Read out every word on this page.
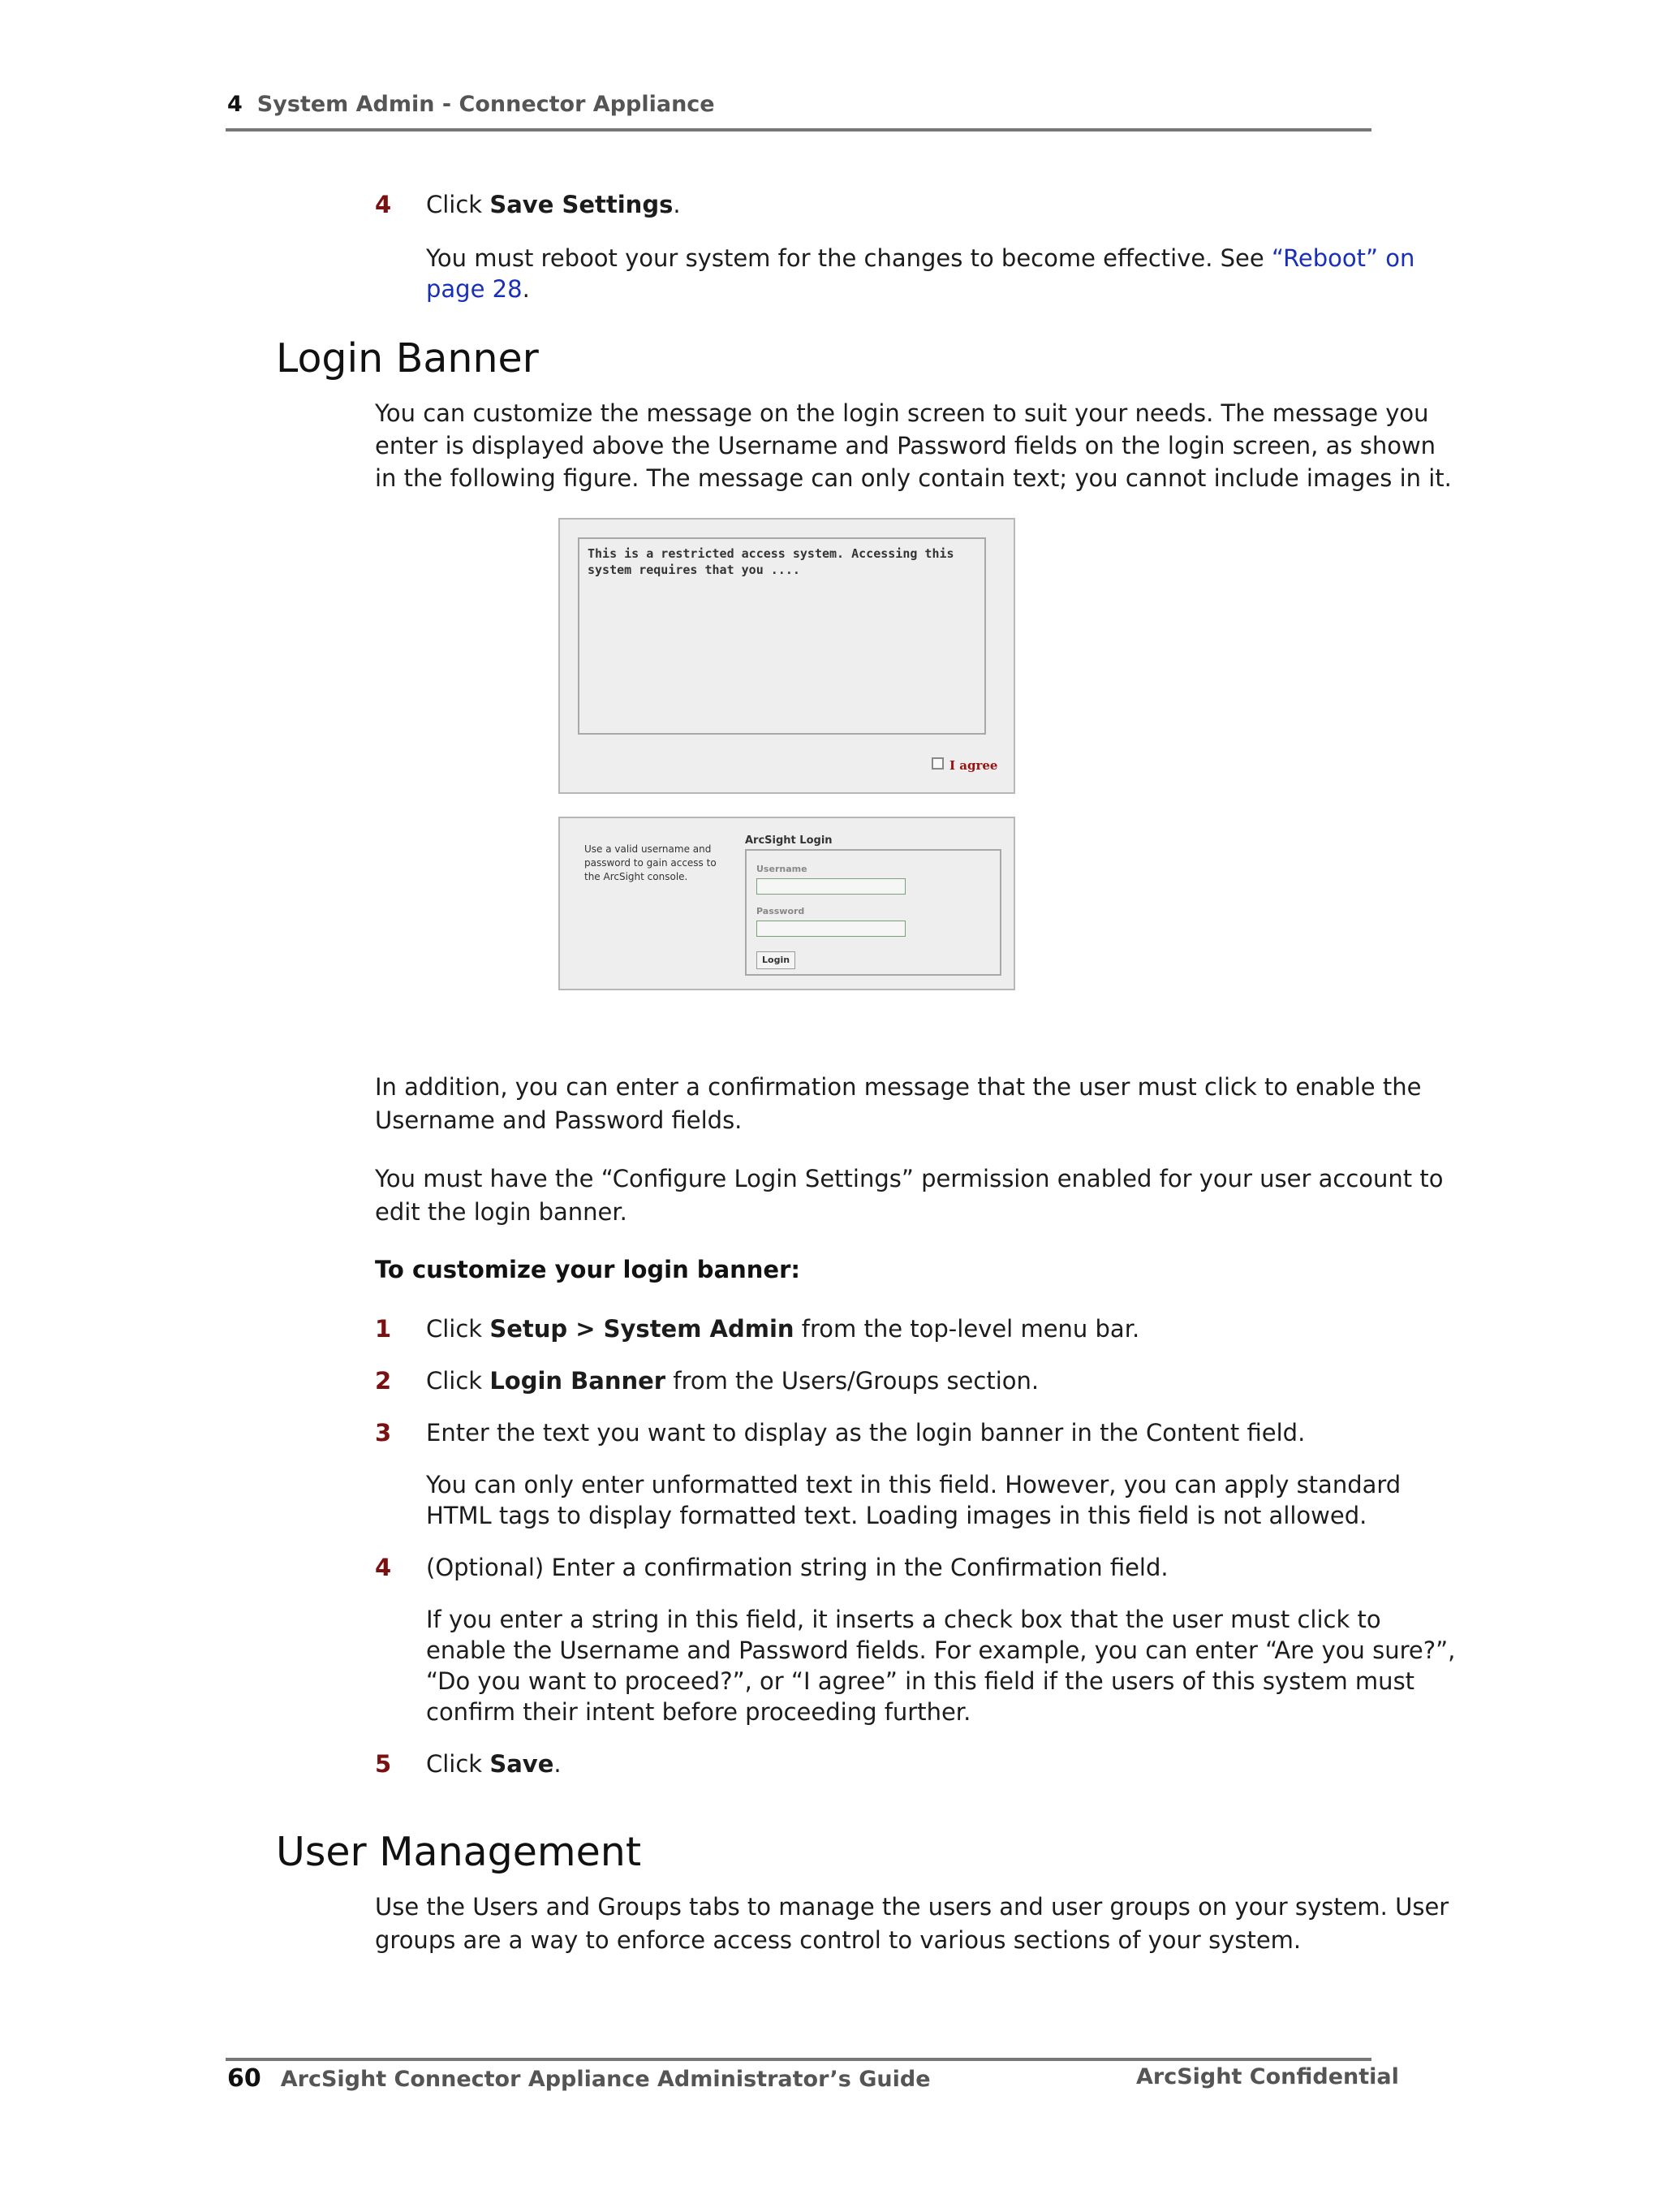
4 System Admin - Connector Appliance
4 Click Save Settings.
You must reboot your system for the changes to become effective. See “Reboot” on
page 28.
Login Banner
You can customize the message on the login screen to suit your needs. The message you
enter is displayed above the Username and Password fields on the login screen, as shown
in the following figure. The message can only contain text; you cannot include images in it.
This is a restricted access system. Accessing this
system requires that you ....
I agree
Use a valid username and
password to gain access to
the ArcSight console.
ArcSight Login
Username
Password
Login
In addition, you can enter a confirmation message that the user must click to enable the
Username and Password fields.
You must have the “Configure Login Settings” permission enabled for your user account to
edit the login banner.
To customize your login banner:
1 Click Setup > System Admin from the top-level menu bar.
2 Click Login Banner from the Users/Groups section.
3 Enter the text you want to display as the login banner in the Content field.
You can only enter unformatted text in this field. However, you can apply standard
HTML tags to display formatted text. Loading images in this field is not allowed.
4 (Optional) Enter a confirmation string in the Confirmation field.
If you enter a string in this field, it inserts a check box that the user must click to
enable the Username and Password fields. For example, you can enter “Are you sure?”,
“Do you want to proceed?”, or “I agree” in this field if the users of this system must
confirm their intent before proceeding further.
5 Click Save.
User Management
Use the Users and Groups tabs to manage the users and user groups on your system. User
groups are a way to enforce access control to various sections of your system.
60 ArcSight Connector Appliance Administrator’s Guide	ArcSight Confidential
